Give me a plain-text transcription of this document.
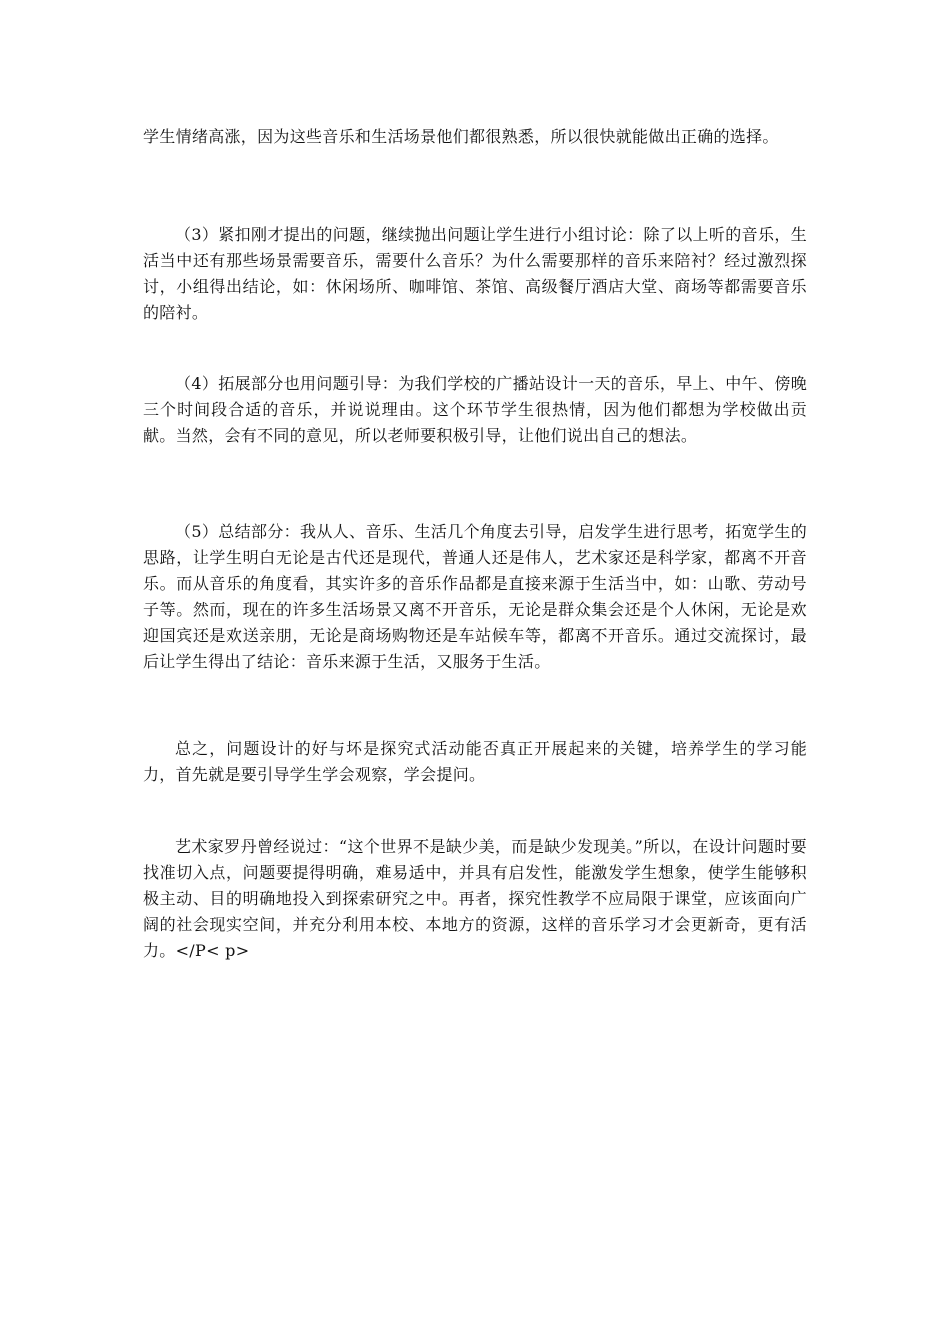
学生情绪高涨，因为这些音乐和生活场景他们都很熟悉，所以很快就能做出正确的选择。

（3）紧扣刚才提出的问题，继续抛出问题让学生进行小组讨论：除了以上听的音乐，生活当中还有那些场景需要音乐，需要什么音乐？为什么需要那样的音乐来陪衬？经过激烈探讨，小组得出结论，如：休闲场所、咖啡馆、茶馆、高级餐厅酒店大堂、商场等都需要音乐的陪衬。

（4）拓展部分也用问题引导：为我们学校的广播站设计一天的音乐，早上、中午、傍晚三个时间段合适的音乐，并说说理由。这个环节学生很热情，因为他们都想为学校做出贡献。当然，会有不同的意见，所以老师要积极引导，让他们说出自己的想法。

（5）总结部分：我从人、音乐、生活几个角度去引导，启发学生进行思考，拓宽学生的思路，让学生明白无论是古代还是现代，普通人还是伟人，艺术家还是科学家，都离不开音乐。而从音乐的角度看，其实许多的音乐作品都是直接来源于生活当中，如：山歌、劳动号子等。然而，现在的许多生活场景又离不开音乐，无论是群众集会还是个人休闲，无论是欢迎国宾还是欢送亲朋，无论是商场购物还是车站候车等，都离不开音乐。通过交流探讨，最后让学生得出了结论：音乐来源于生活，又服务于生活。

总之，问题设计的好与坏是探究式活动能否真正开展起来的关键，培养学生的学习能力，首先就是要引导学生学会观察，学会提问。

艺术家罗丹曾经说过：“这个世界不是缺少美，而是缺少发现美。”所以，在设计问题时要找准切入点，问题要提得明确，难易适中，并具有启发性，能激发学生想象，使学生能够积极主动、目的明确地投入到探索研究之中。再者，探究性教学不应局限于课堂，应该面向广阔的社会现实空间，并充分利用本校、本地方的资源，这样的音乐学习才会更新奇，更有活力。</P< p>
